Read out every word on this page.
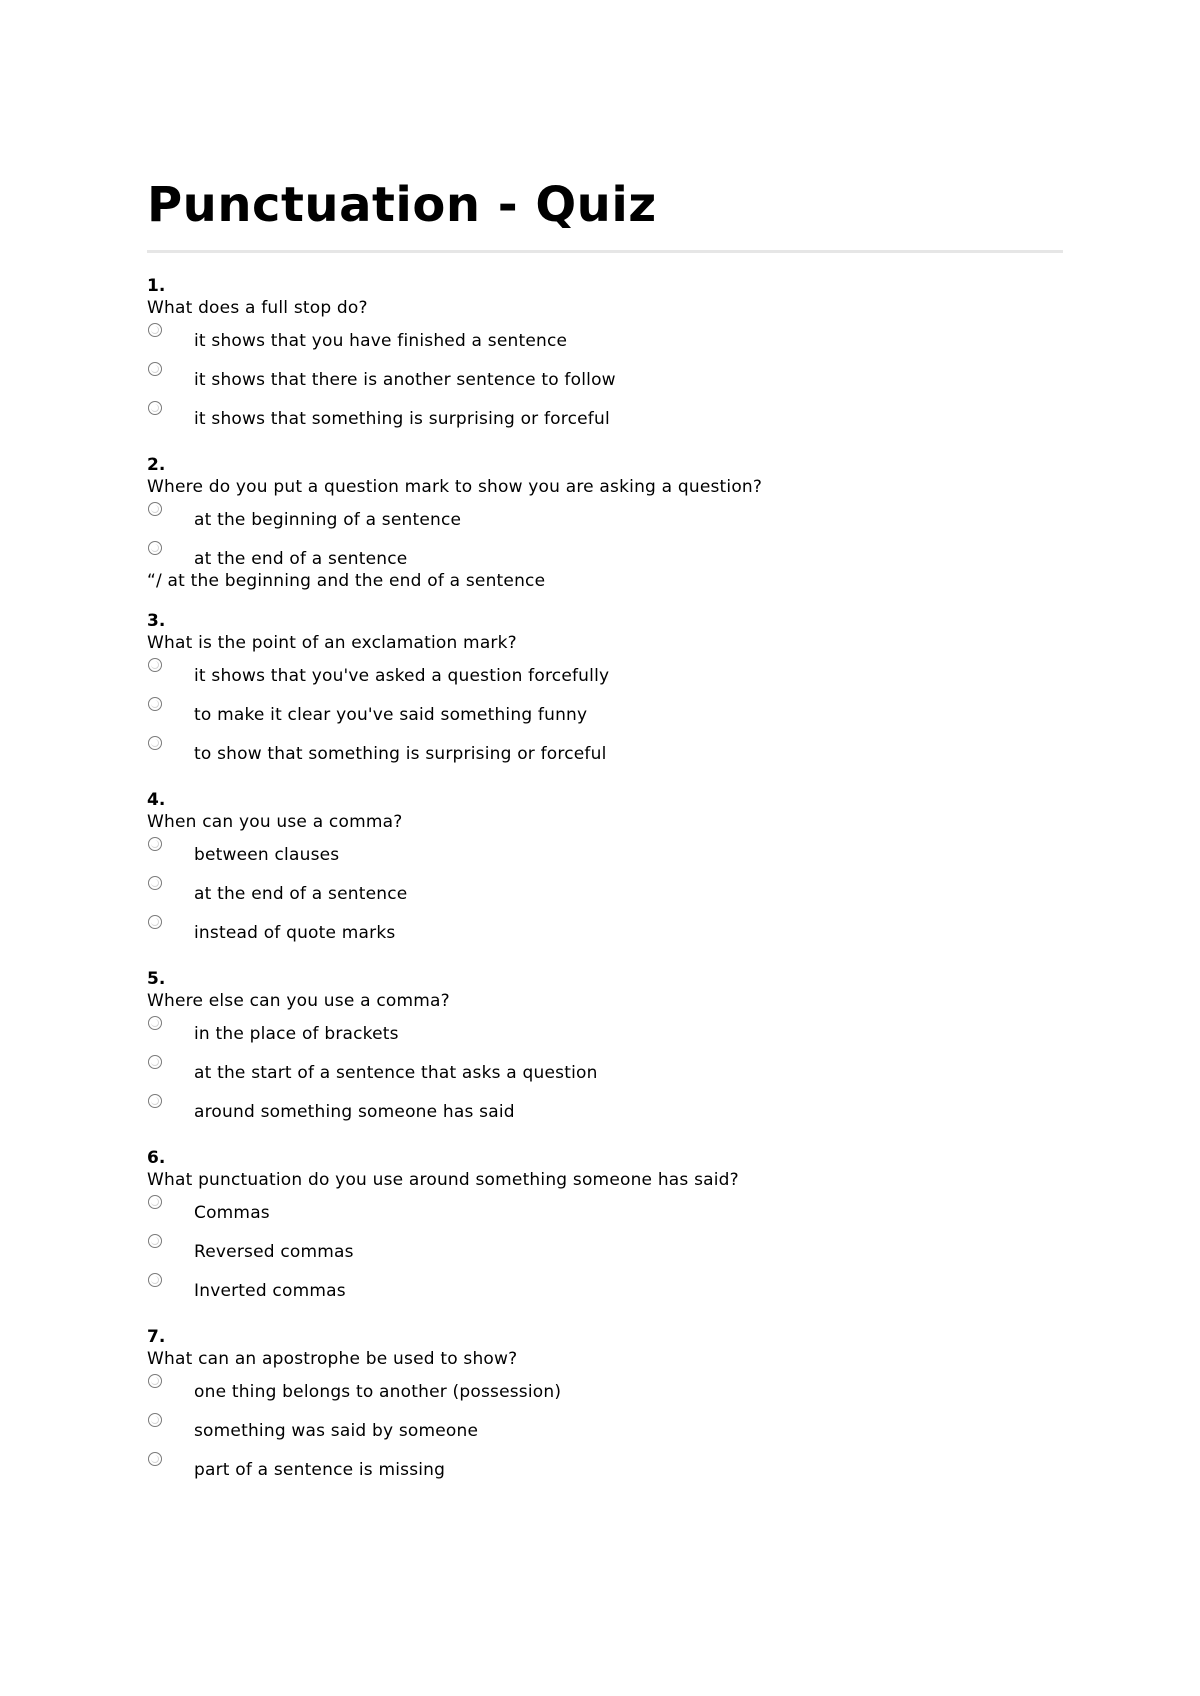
Punctuation - Quiz
1.
What does a full stop do?
it shows that you have finished a sentence
it shows that there is another sentence to follow
it shows that something is surprising or forceful
2.
Where do you put a question mark to show you are asking a question?
at the beginning of a sentence
at the end of a sentence
“/ at the beginning and the end of a sentence
3.
What is the point of an exclamation mark?
it shows that you've asked a question forcefully
to make it clear you've said something funny
to show that something is surprising or forceful
4.
When can you use a comma?
between clauses
at the end of a sentence
instead of quote marks
5.
Where else can you use a comma?
in the place of brackets
at the start of a sentence that asks a question
around something someone has said
6.
What punctuation do you use around something someone has said?
Commas
Reversed commas
Inverted commas
7.
What can an apostrophe be used to show?
one thing belongs to another (possession)
something was said by someone
part of a sentence is missing
